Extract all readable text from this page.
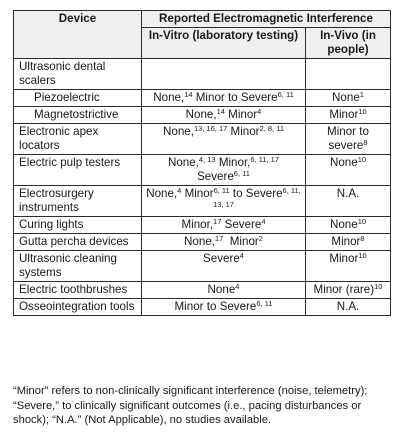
Device	Reported Electromagnetic Interference	
	In-Vitro (laboratory testing)	In-Vivo (in people)
Ultrasonic dental scalers		
Piezoelectric	None,$^{14}$ Minor to Severe$^{6, 11}$	None$^1$
Magnetostrictive	None,$^{14}$ Minor$^4$	Minor$^{10}$
Electronic apex locators	None,$^{13, 16, 17}$ Minor$^{2, 8, 11}$	Minor to severe$^8$
Electric pulp testers	None,$^{4, 13}$ Minor,$^{6, 11, 17}$ Severe$^{6, 11}$	None$^{10}$
Electrosurgery instruments	None,$^4$ Minor$^{6, 11}$ to Severe$^{6,}$ $^{11, 13, 17}$	N.A.
Curing lights	Minor,$^{17}$ Severe$^4$	None$^{10}$
Gutta percha devices	None,$^{17}$  Minor$^2$	Minor$^8$
Ultrasonic cleaning systems	Severe$^4$	Minor$^{10}$
Electric toothbrushes	None$^4$	Minor (rare)$^{10}$
Osseointegration tools	Minor to Severe$^{6, 11}$	N.A.
“Minor” refers to non-clinically significant interference (noise, telemetry); “Severe,” to clinically significant outcomes (i.e., pacing disturbances or shock); “N.A.” (Not Applicable), no studies available.
